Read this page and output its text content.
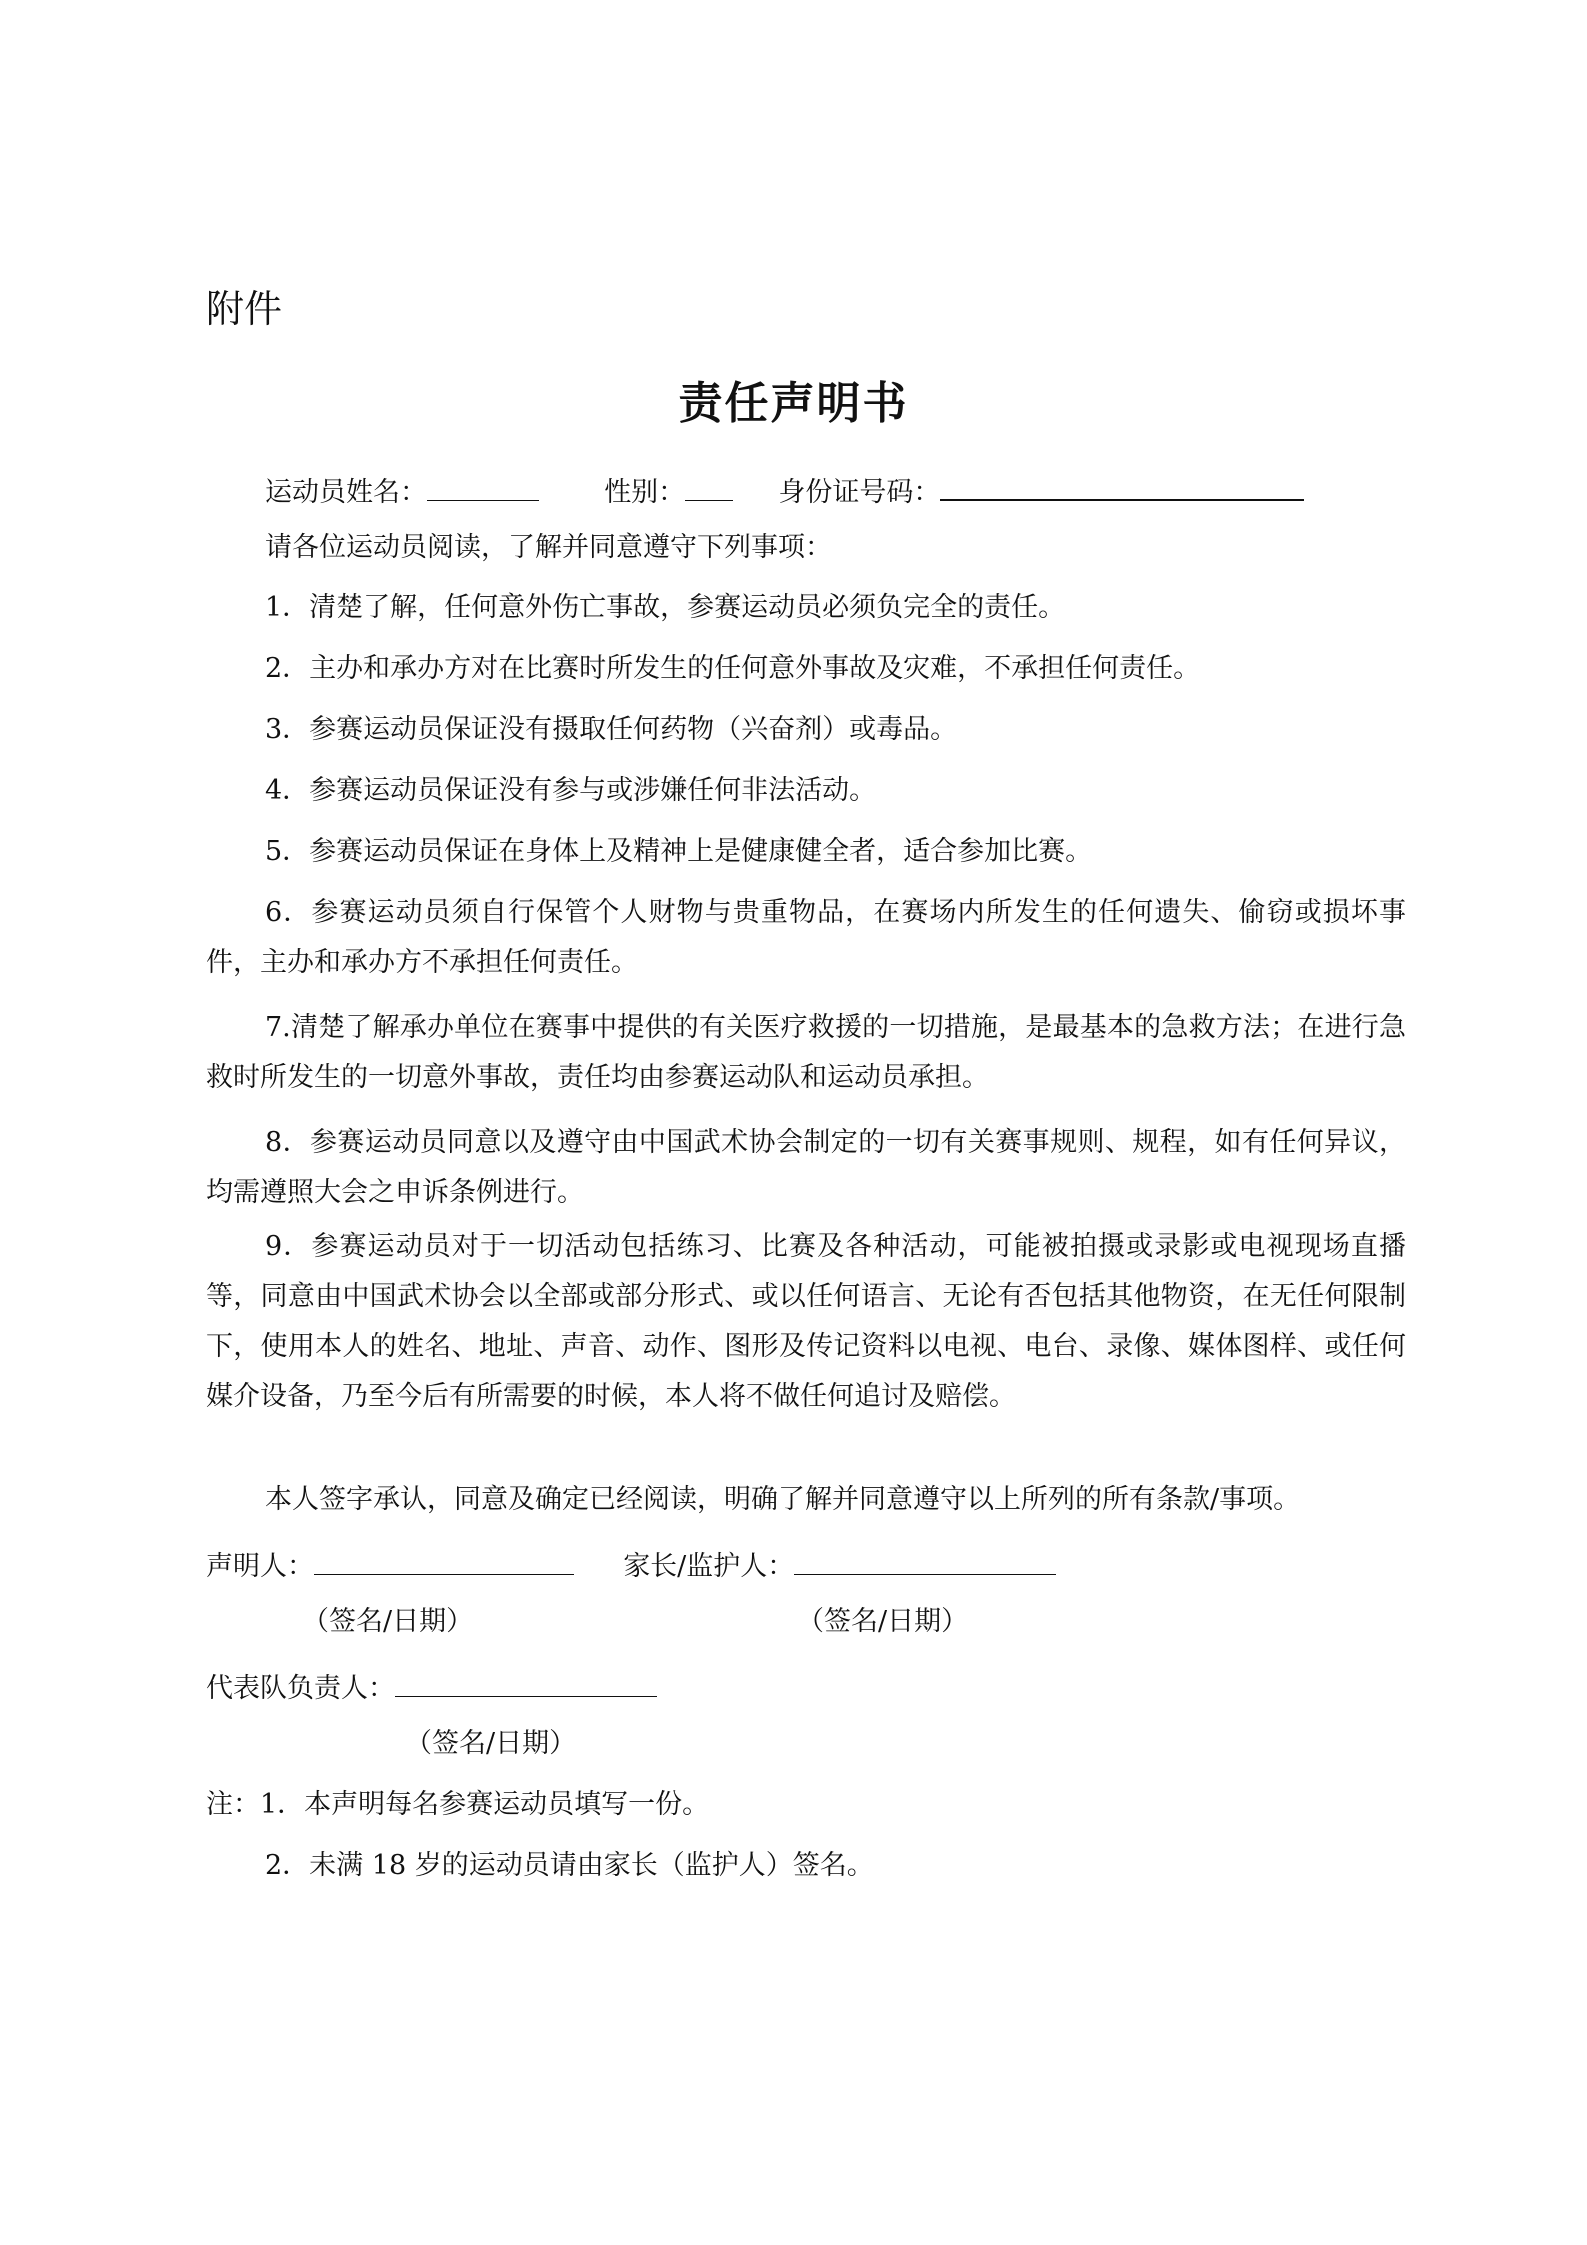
附件
责任声明书
运动员姓名：	性别：	身份证号码：
请各位运动员阅读，了解并同意遵守下列事项：
1．清楚了解，任何意外伤亡事故，参赛运动员必须负完全的责任。
2．主办和承办方对在比赛时所发生的任何意外事故及灾难，不承担任何责任。
3．参赛运动员保证没有摄取任何药物（兴奋剂）或毒品。
4．参赛运动员保证没有参与或涉嫌任何非法活动。
5．参赛运动员保证在身体上及精神上是健康健全者，适合参加比赛。
6．参赛运动员须自行保管个人财物与贵重物品，在赛场内所发生的任何遗失、偷窃或损坏事件，主办和承办方不承担任何责任。
7.清楚了解承办单位在赛事中提供的有关医疗救援的一切措施，是最基本的急救方法；在进行急救时所发生的一切意外事故，责任均由参赛运动队和运动员承担。
8．参赛运动员同意以及遵守由中国武术协会制定的一切有关赛事规则、规程，如有任何异议，均需遵照大会之申诉条例进行。
9．参赛运动员对于一切活动包括练习、比赛及各种活动，可能被拍摄或录影或电视现场直播等，同意由中国武术协会以全部或部分形式、或以任何语言、无论有否包括其他物资，在无任何限制下，使用本人的姓名、地址、声音、动作、图形及传记资料以电视、电台、录像、媒体图样、或任何媒介设备，乃至今后有所需要的时候，本人将不做任何追讨及赔偿。
本人签字承认，同意及确定已经阅读，明确了解并同意遵守以上所列的所有条款/事项。
声明人：	家长/监护人：
（签名/日期）	（签名/日期）
代表队负责人：
（签名/日期）
注：1．本声明每名参赛运动员填写一份。
2．未满 18 岁的运动员请由家长（监护人）签名。
